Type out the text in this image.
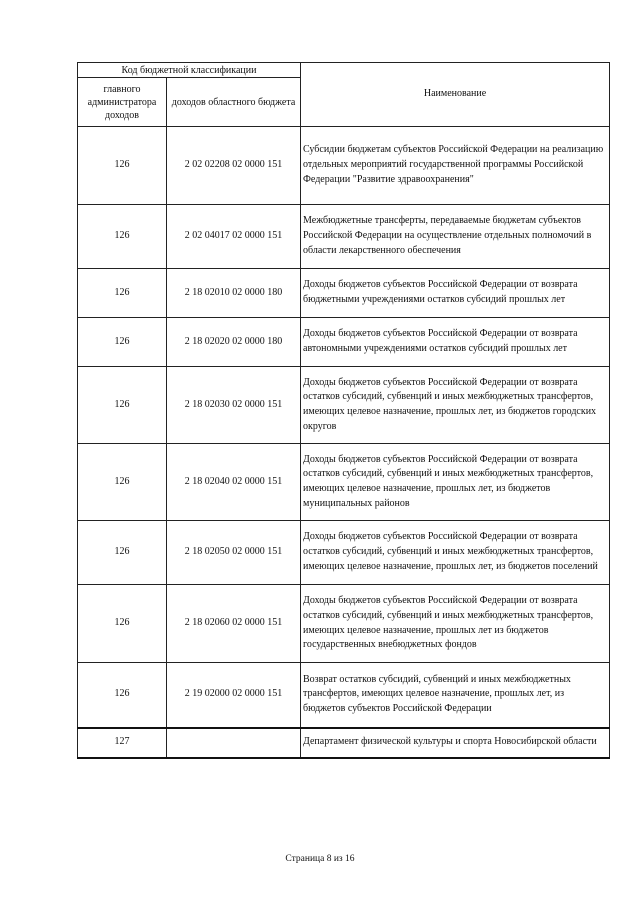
Код бюджетной классификации		Наименование
главного администратора доходов	доходов областного бюджета	
126	2 02 02208 02 0000 151	Субсидии бюджетам субъектов Российской Федерации на реализацию отдельных мероприятий государственной программы Российской Федерации "Развитие здравоохранения"
126	2 02 04017 02 0000 151	Межбюджетные трансферты, передаваемые бюджетам субъектов Российской Федерации на осуществление отдельных полномочий в области лекарственного обеспечения
126	2 18 02010 02 0000 180	Доходы бюджетов субъектов Российской Федерации от возврата бюджетными учреждениями остатков субсидий прошлых лет
126	2 18 02020 02 0000 180	Доходы бюджетов субъектов Российской Федерации от возврата автономными учреждениями остатков субсидий прошлых лет
126	2 18 02030 02 0000 151	Доходы бюджетов субъектов Российской Федерации от возврата остатков субсидий, субвенций и иных межбюджетных трансфертов, имеющих целевое назначение, прошлых лет, из бюджетов городских округов
126	2 18 02040 02 0000 151	Доходы бюджетов субъектов Российской Федерации от возврата остатков субсидий, субвенций и иных межбюджетных трансфертов, имеющих целевое назначение, прошлых лет, из бюджетов муниципальных районов
126	2 18 02050 02 0000 151	Доходы бюджетов субъектов Российской Федерации от возврата остатков субсидий, субвенций и иных межбюджетных трансфертов, имеющих целевое назначение, прошлых лет, из бюджетов поселений
126	2 18 02060 02 0000 151	Доходы бюджетов субъектов Российской Федерации от возврата остатков субсидий, субвенций и иных межбюджетных трансфертов, имеющих целевое назначение, прошлых лет из бюджетов государственных внебюджетных фондов
126	2 19 02000 02 0000 151	Возврат остатков субсидий, субвенций и иных межбюджетных трансфертов, имеющих целевое назначение, прошлых лет, из бюджетов субъектов Российской Федерации
127		Департамент физической культуры и спорта Новосибирской области
Страница 8 из 16
